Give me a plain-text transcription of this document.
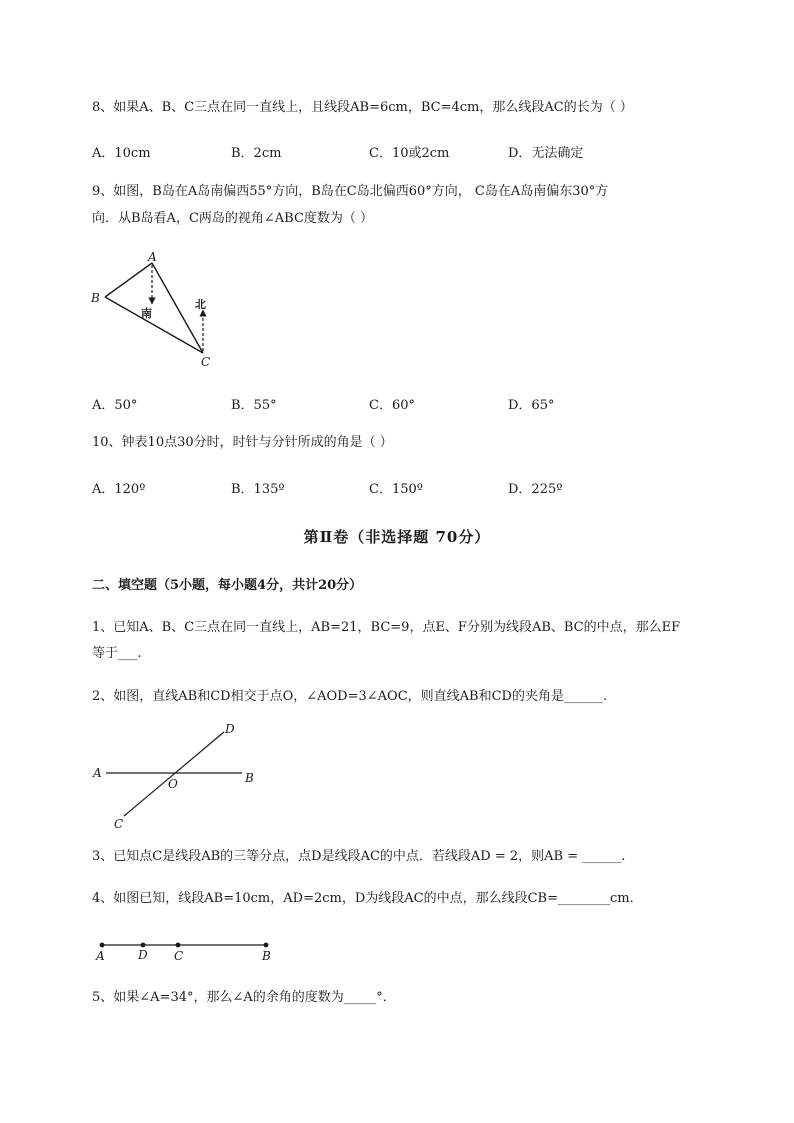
8、如果A、B、C三点在同一直线上，且线段AB=6cm，BC=4cm，那么线段AC的长为（ ）
A．10cm	B．2cm	C．10或2cm	D．无法确定
9、如图，B岛在A岛南偏西55°方向，B岛在C岛北偏西60°方向， C岛在A岛南偏东30°方
向．从B岛看A，C两岛的视角∠ABC度数为（ ）
A
B
C
南
北
A．50°	B．55°	C．60°	D．65°
10、钟表10点30分时，时针与分针所成的角是（ ）
A．120º	B．135º	C．150º	D．225º
第Ⅱ卷（非选择题 70分）
二、填空题（5小题，每小题4分，共计20分）
1、已知A、B、C三点在同一直线上，AB=21，BC=9，点E、F分别为线段AB、BC的中点，那么EF
等于___.
2、如图，直线AB和CD相交于点O，∠AOD=3∠AOC，则直线AB和CD的夹角是______.
A	B
C
D
O
3、已知点C是线段AB的三等分点，点D是线段AC的中点．若线段AD = 2，则AB = ______.
4、如图已知，线段AB=10cm，AD=2cm，D为线段AC的中点，那么线段CB=________cm．
A	D C	B
5、如果∠A=34°，那么∠A的余角的度数为_____°．
